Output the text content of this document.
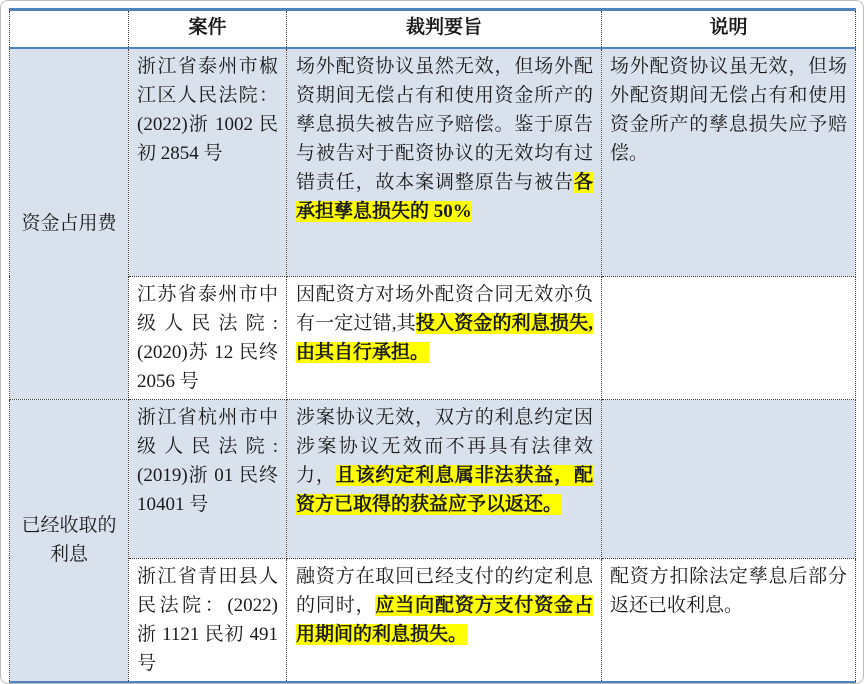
	案件	裁判要旨	说明
资金占用费	浙江省泰州市椒江区人民法院：(2022)浙 1002 民初 2854 号	场外配资协议虽然无效，但场外配资期间无偿占有和使用资金所产的孳息损失被告应予赔偿。鉴于原告与被告对于配资协议的无效均有过错责任，故本案调整原告与被告各承担孳息损失的 50%	场外配资协议虽无效，但场外配资期间无偿占有和使用资金所产的孳息损失应予赔偿。
	江苏省泰州市中级人民法院: (2020)苏 12 民终 2056 号	因配资方对场外配资合同无效亦负有一定过错,其投入资金的利息损失,由其自行承担。	
已经收取的利息	浙江省杭州市中级人民法院: (2019)浙 01 民终 10401 号	涉案协议无效，双方的利息约定因涉案协议无效而不再具有法律效力，且该约定利息属非法获益，配资方已取得的获益应予以返还。	
	浙江省青田县人民法院：(2022)浙 1121 民初 491 号	融资方在取回已经支付的约定利息的同时，应当向配资方支付资金占用期间的利息损失。	配资方扣除法定孳息后部分返还已收利息。
